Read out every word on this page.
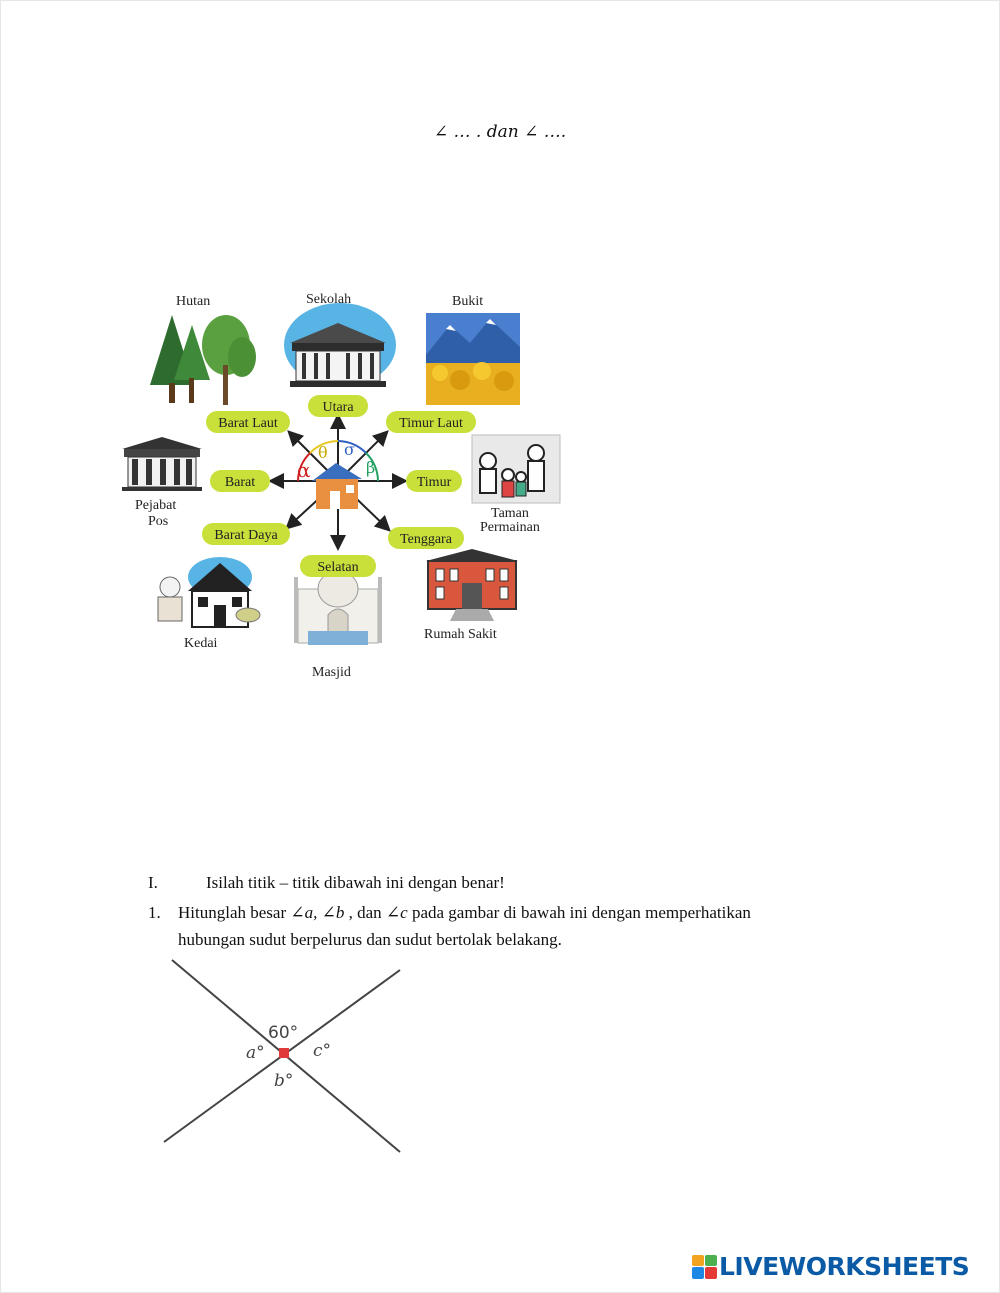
∠ … . dan ∠ ….
Hutan	Sekolah	Bukit
Pejabat
Pos
Taman
Permainan
Kedai
Masjid
Rumah Sakit
α
θ σ
β
Utara
Timur Laut
Timur
Tenggara
Selatan
Barat Daya
Barat
Barat Laut
I.	Isilah titik – titik dibawah ini dengan benar!
1. Hitunglah besar ∠a, ∠b , dan ∠c pada gambar di bawah ini dengan memperhatikan
hubungan sudut berpelurus dan sudut bertolak belakang.
60°
a°	c°
b°
LIVEWORKSHEETS
